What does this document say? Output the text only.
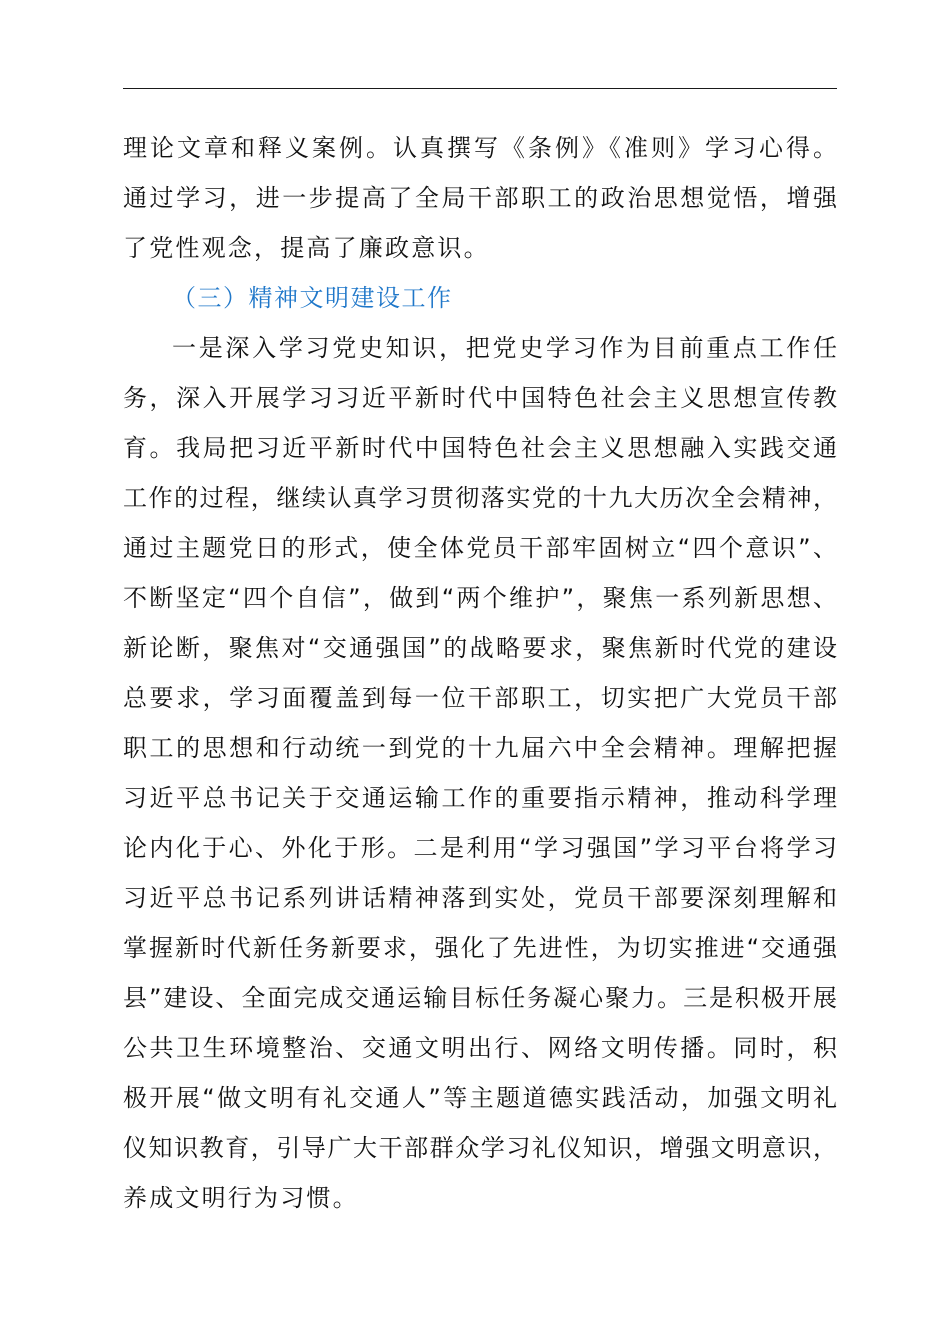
理论文章和释义案例。认真撰写《条例》《准则》学习心得。
通过学习，进一步提高了全局干部职工的政治思想觉悟，增强
了党性观念，提高了廉政意识。
（三）精神文明建设工作
一是深入学习党史知识，把党史学习作为目前重点工作任
务，深入开展学习习近平新时代中国特色社会主义思想宣传教
育。我局把习近平新时代中国特色社会主义思想融入实践交通
工作的过程，继续认真学习贯彻落实党的十九大历次全会精神，
通过主题党日的形式，使全体党员干部牢固树立“四个意识”、
不断坚定“四个自信”，做到“两个维护”，聚焦一系列新思想、
新论断，聚焦对“交通强国”的战略要求，聚焦新时代党的建设
总要求，学习面覆盖到每一位干部职工，切实把广大党员干部
职工的思想和行动统一到党的十九届六中全会精神。理解把握
习近平总书记关于交通运输工作的重要指示精神，推动科学理
论内化于心、外化于形。二是利用“学习强国”学习平台将学习
习近平总书记系列讲话精神落到实处，党员干部要深刻理解和
掌握新时代新任务新要求，强化了先进性，为切实推进“交通强
县”建设、全面完成交通运输目标任务凝心聚力。三是积极开展
公共卫生环境整治、交通文明出行、网络文明传播。同时，积
极开展“做文明有礼交通人”等主题道德实践活动，加强文明礼
仪知识教育，引导广大干部群众学习礼仪知识，增强文明意识，
养成文明行为习惯。
